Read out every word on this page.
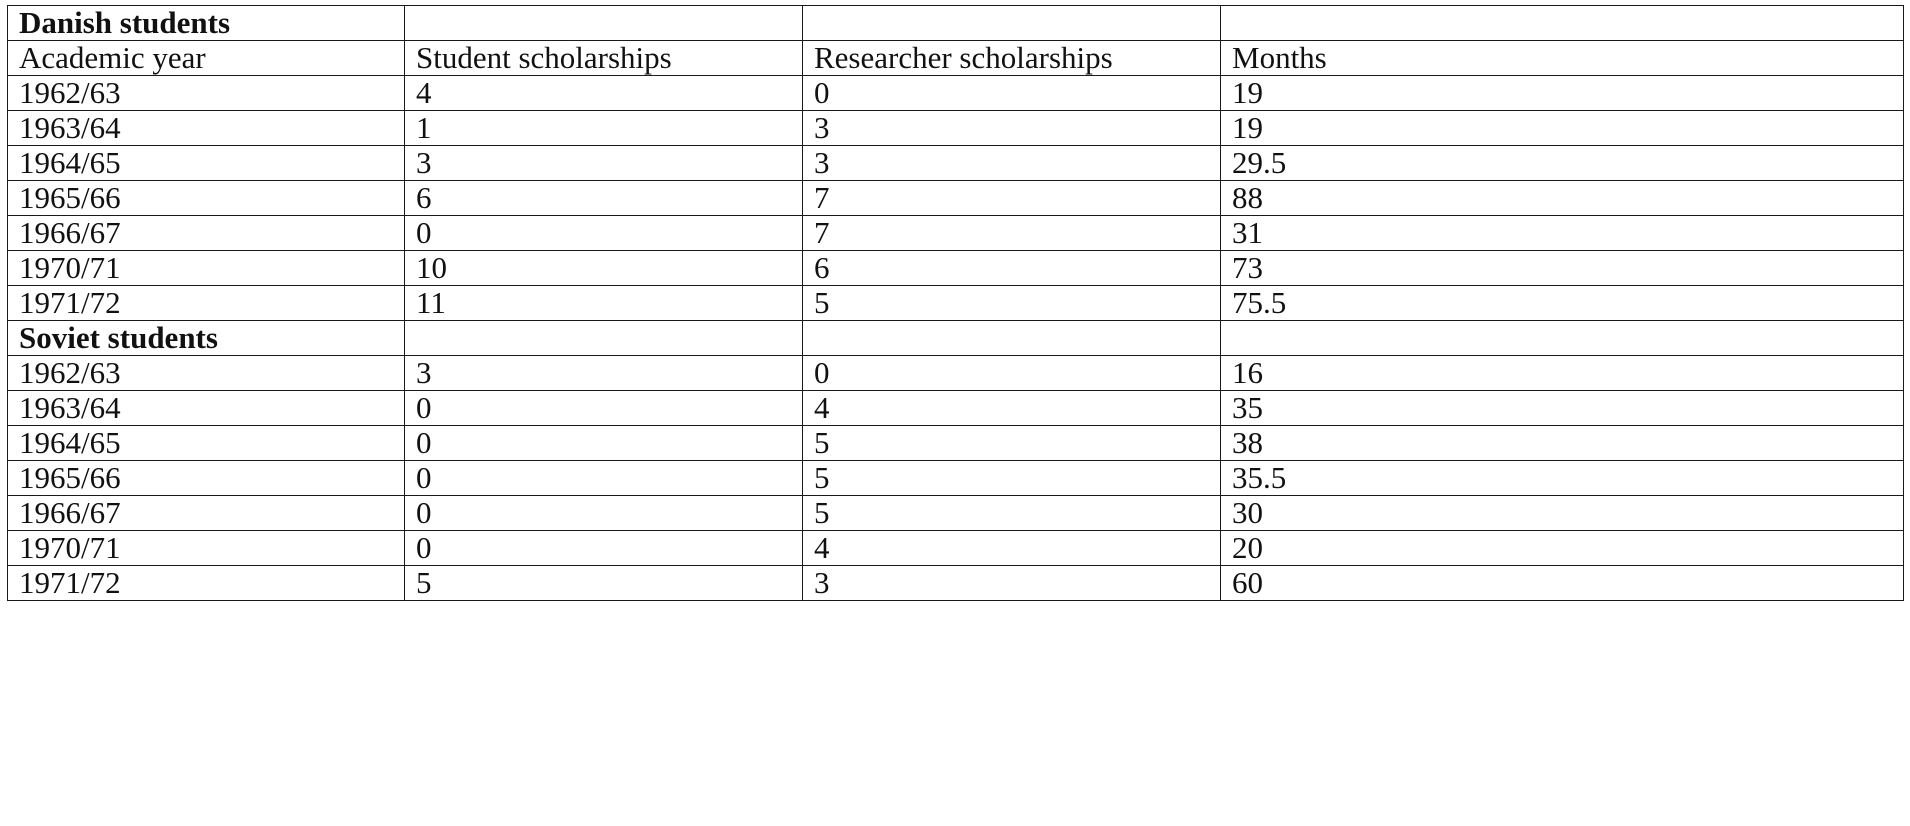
Danish students			
Academic year	Student scholarships	Researcher scholarships	Months
1962/63	4	0	19
1963/64	1	3	19
1964/65	3	3	29.5
1965/66	6	7	88
1966/67	0	7	31
1970/71	10	6	73
1971/72	11	5	75.5
Soviet students			
1962/63	3	0	16
1963/64	0	4	35
1964/65	0	5	38
1965/66	0	5	35.5
1966/67	0	5	30
1970/71	0	4	20
1971/72	5	3	60
